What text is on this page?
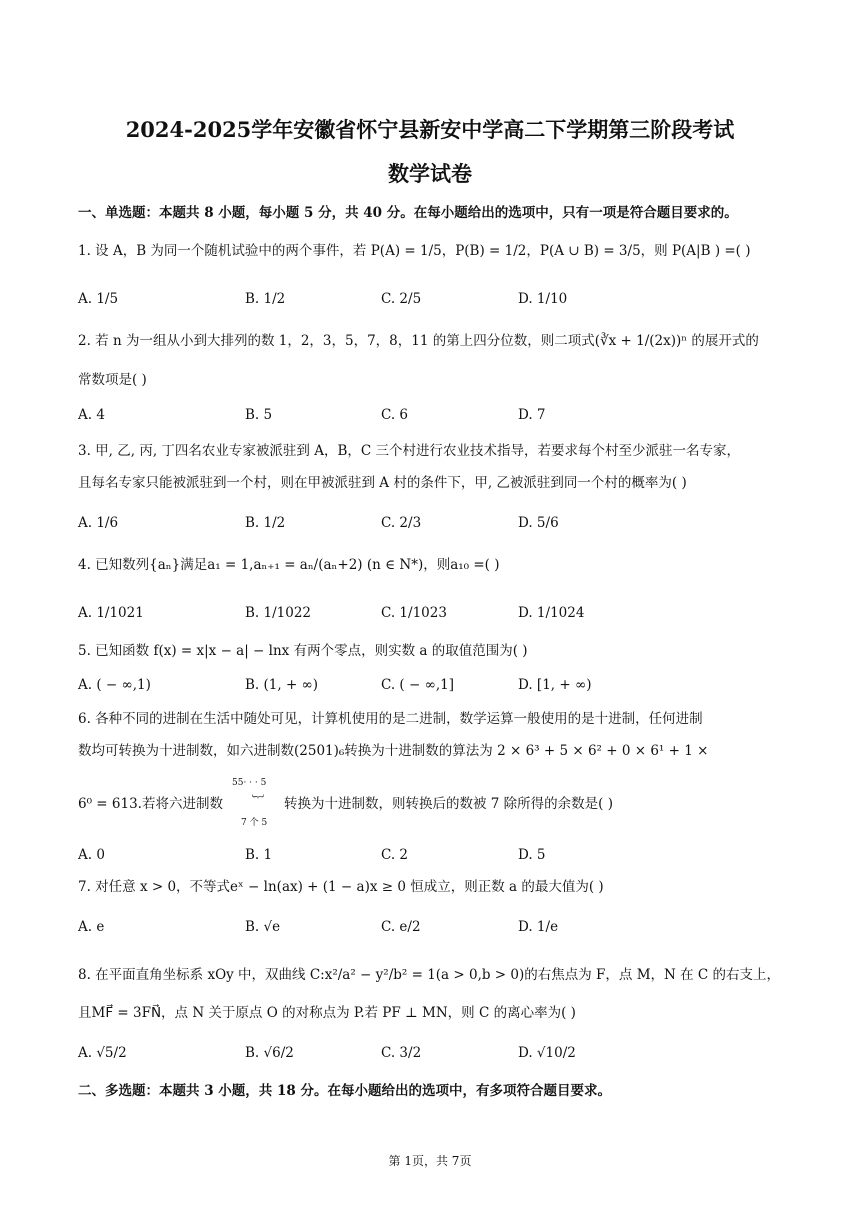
2024-2025学年安徽省怀宁县新安中学高二下学期第三阶段考试
数学试卷
一、单选题：本题共 8 小题，每小题 5 分，共 40 分。在每小题给出的选项中，只有一项是符合题目要求的。
1. 设 A，B 为同一个随机试验中的两个事件，若 P(A) = 1/5，P(B) = 1/2，P(A ∪ B) = 3/5，则 P(A|B ) =( )
A. 1/5	B. 1/2	C. 2/5	D. 1/10
2. 若 n 为一组从小到大排列的数 1，2，3，5，7，8，11 的第上四分位数，则二项式(∛x + 1/(2x))ⁿ 的展开式的
常数项是( )
A. 4	B. 5	C. 6	D. 7
3. 甲, 乙, 丙, 丁四名农业专家被派驻到 A，B，C 三个村进行农业技术指导，若要求每个村至少派驻一名专家，
且每名专家只能被派驻到一个村，则在甲被派驻到 A 村的条件下，甲, 乙被派驻到同一个村的概率为( )
A. 1/6	B. 1/2	C. 2/3	D. 5/6
4. 已知数列{aₙ}满足a₁ = 1,aₙ₊₁ = aₙ/(aₙ+2) (n ∈ N*)，则a₁₀ =( )
A. 1/1021	B. 1/1022	C. 1/1023	D. 1/1024
5. 已知函数 f(x) = x|x − a| − lnx 有两个零点，则实数 a 的取值范围为( )
A. ( − ∞,1)	B. (1, + ∞)	C. ( − ∞,1]	D. [1, + ∞)
6. 各种不同的进制在生活中随处可见，计算机使用的是二进制，数学运算一般使用的是十进制，任何进制
数均可转换为十进制数，如六进制数(2501)₆转换为十进制数的算法为 2 × 6³ + 5 × 6² + 0 × 6¹ + 1 ×
6⁰ = 613.若将六进制数
55· · · 5
︸
7 个 5
转换为十进制数，则转换后的数被 7 除所得的余数是( )
A. 0	B. 1	C. 2	D. 5
7. 对任意 x > 0，不等式eˣ − ln(ax) + (1 − a)x ≥ 0 恒成立，则正数 a 的最大值为( )
A. e	B. √e	C. e/2	D. 1/e
8. 在平面直角坐标系 xOy 中，双曲线 C:x²/a² − y²/b² = 1(a > 0,b > 0)的右焦点为 F，点 M，N 在 C 的右支上，
且MF⃗ = 3FN⃗，点 N 关于原点 O 的对称点为 P.若 PF ⊥ MN，则 C 的离心率为( )
A. √5/2	B. √6/2	C. 3/2	D. √10/2
二、多选题：本题共 3 小题，共 18 分。在每小题给出的选项中，有多项符合题目要求。
第 1页，共 7页
